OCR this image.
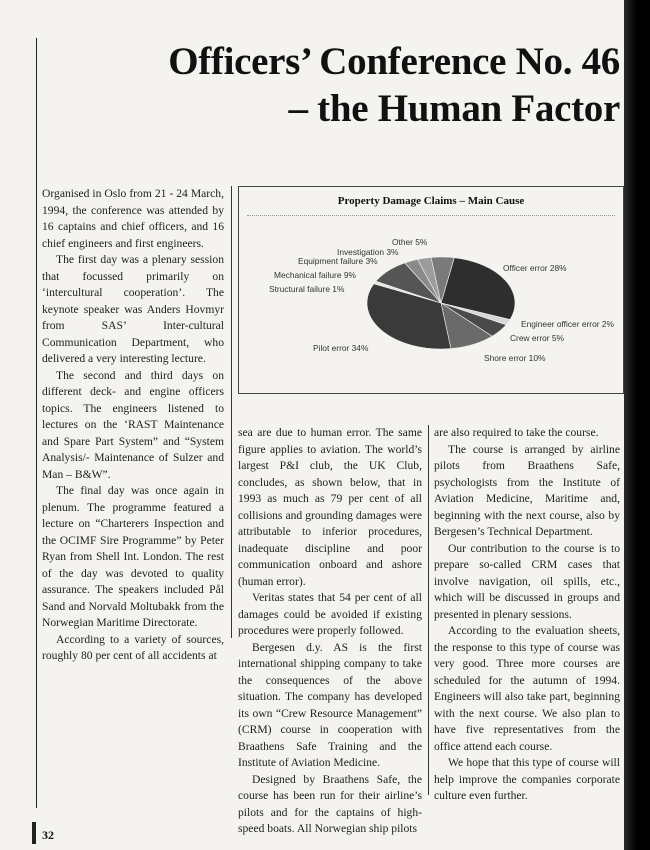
Officers’ Conference No. 46
– the Human Factor

Organised in Oslo from 21 - 24 March, 1994, the conference was attended by 16 captains and chief officers, and 16 chief engineers and first engineers.

The first day was a plenary session that focussed primarily on ‘intercultural cooperation’. The keynote speaker was Anders Hovmyr from SAS’ Inter-cultural Communication Department, who delivered a very interesting lecture.

The second and third days on different deck- and engine officers topics. The engineers listened to lectures on the ‘RAST Maintenance and Spare Part System” and “System Analysis/- Maintenance of Sulzer and Man – B&W”.

The final day was once again in plenum. The programme featured a lecture on “Charterers Inspection and the OCIMF Sire Programme” by Peter Ryan from Shell Int. London. The rest of the day was devoted to quality assurance. The speakers included Pål Sand and Norvald Moltubakk from the Norwegian Maritime Directorate.

According to a variety of sources, roughly 80 per cent of all accidents at

Property Damage Claims – Main Cause
Officer error 28%
Engineer officer error 2%
Crew error 5%
Shore error 10%
Pilot error 34%
Structural failure 1%
Mechanical failure 9%
Equipment failure 3%
Investigation 3%
Other 5%

sea are due to human error. The same figure applies to aviation. The world’s largest P&I club, the UK Club, concludes, as shown below, that in 1993 as much as 79 per cent of all collisions and grounding damages were attributable to inferior procedures, inadequate discipline and poor communication onboard and ashore (human error).

Veritas states that 54 per cent of all damages could be avoided if existing procedures were properly followed.

Bergesen d.y. AS is the first international shipping company to take the consequences of the above situation. The company has developed its own “Crew Resource Management” (CRM) course in cooperation with Braathens Safe Training and the Institute of Aviation Medicine.

Designed by Braathens Safe, the course has been run for their airline’s pilots and for the captains of high-speed boats. All Norwegian ship pilots

are also required to take the course.

The course is arranged by airline pilots from Braathens Safe, psychologists from the Institute of Aviation Medicine, Maritime and, beginning with the next course, also by Bergesen’s Technical Department.

Our contribution to the course is to prepare so-called CRM cases that involve navigation, oil spills, etc., which will be discussed in groups and presented in plenary sessions.

According to the evaluation sheets, the response to this type of course was very good. Three more courses are scheduled for the autumn of 1994. Engineers will also take part, beginning with the next course. We also plan to have five representatives from the office attend each course.

We hope that this type of course will help improve the companies corporate culture even further.

32
